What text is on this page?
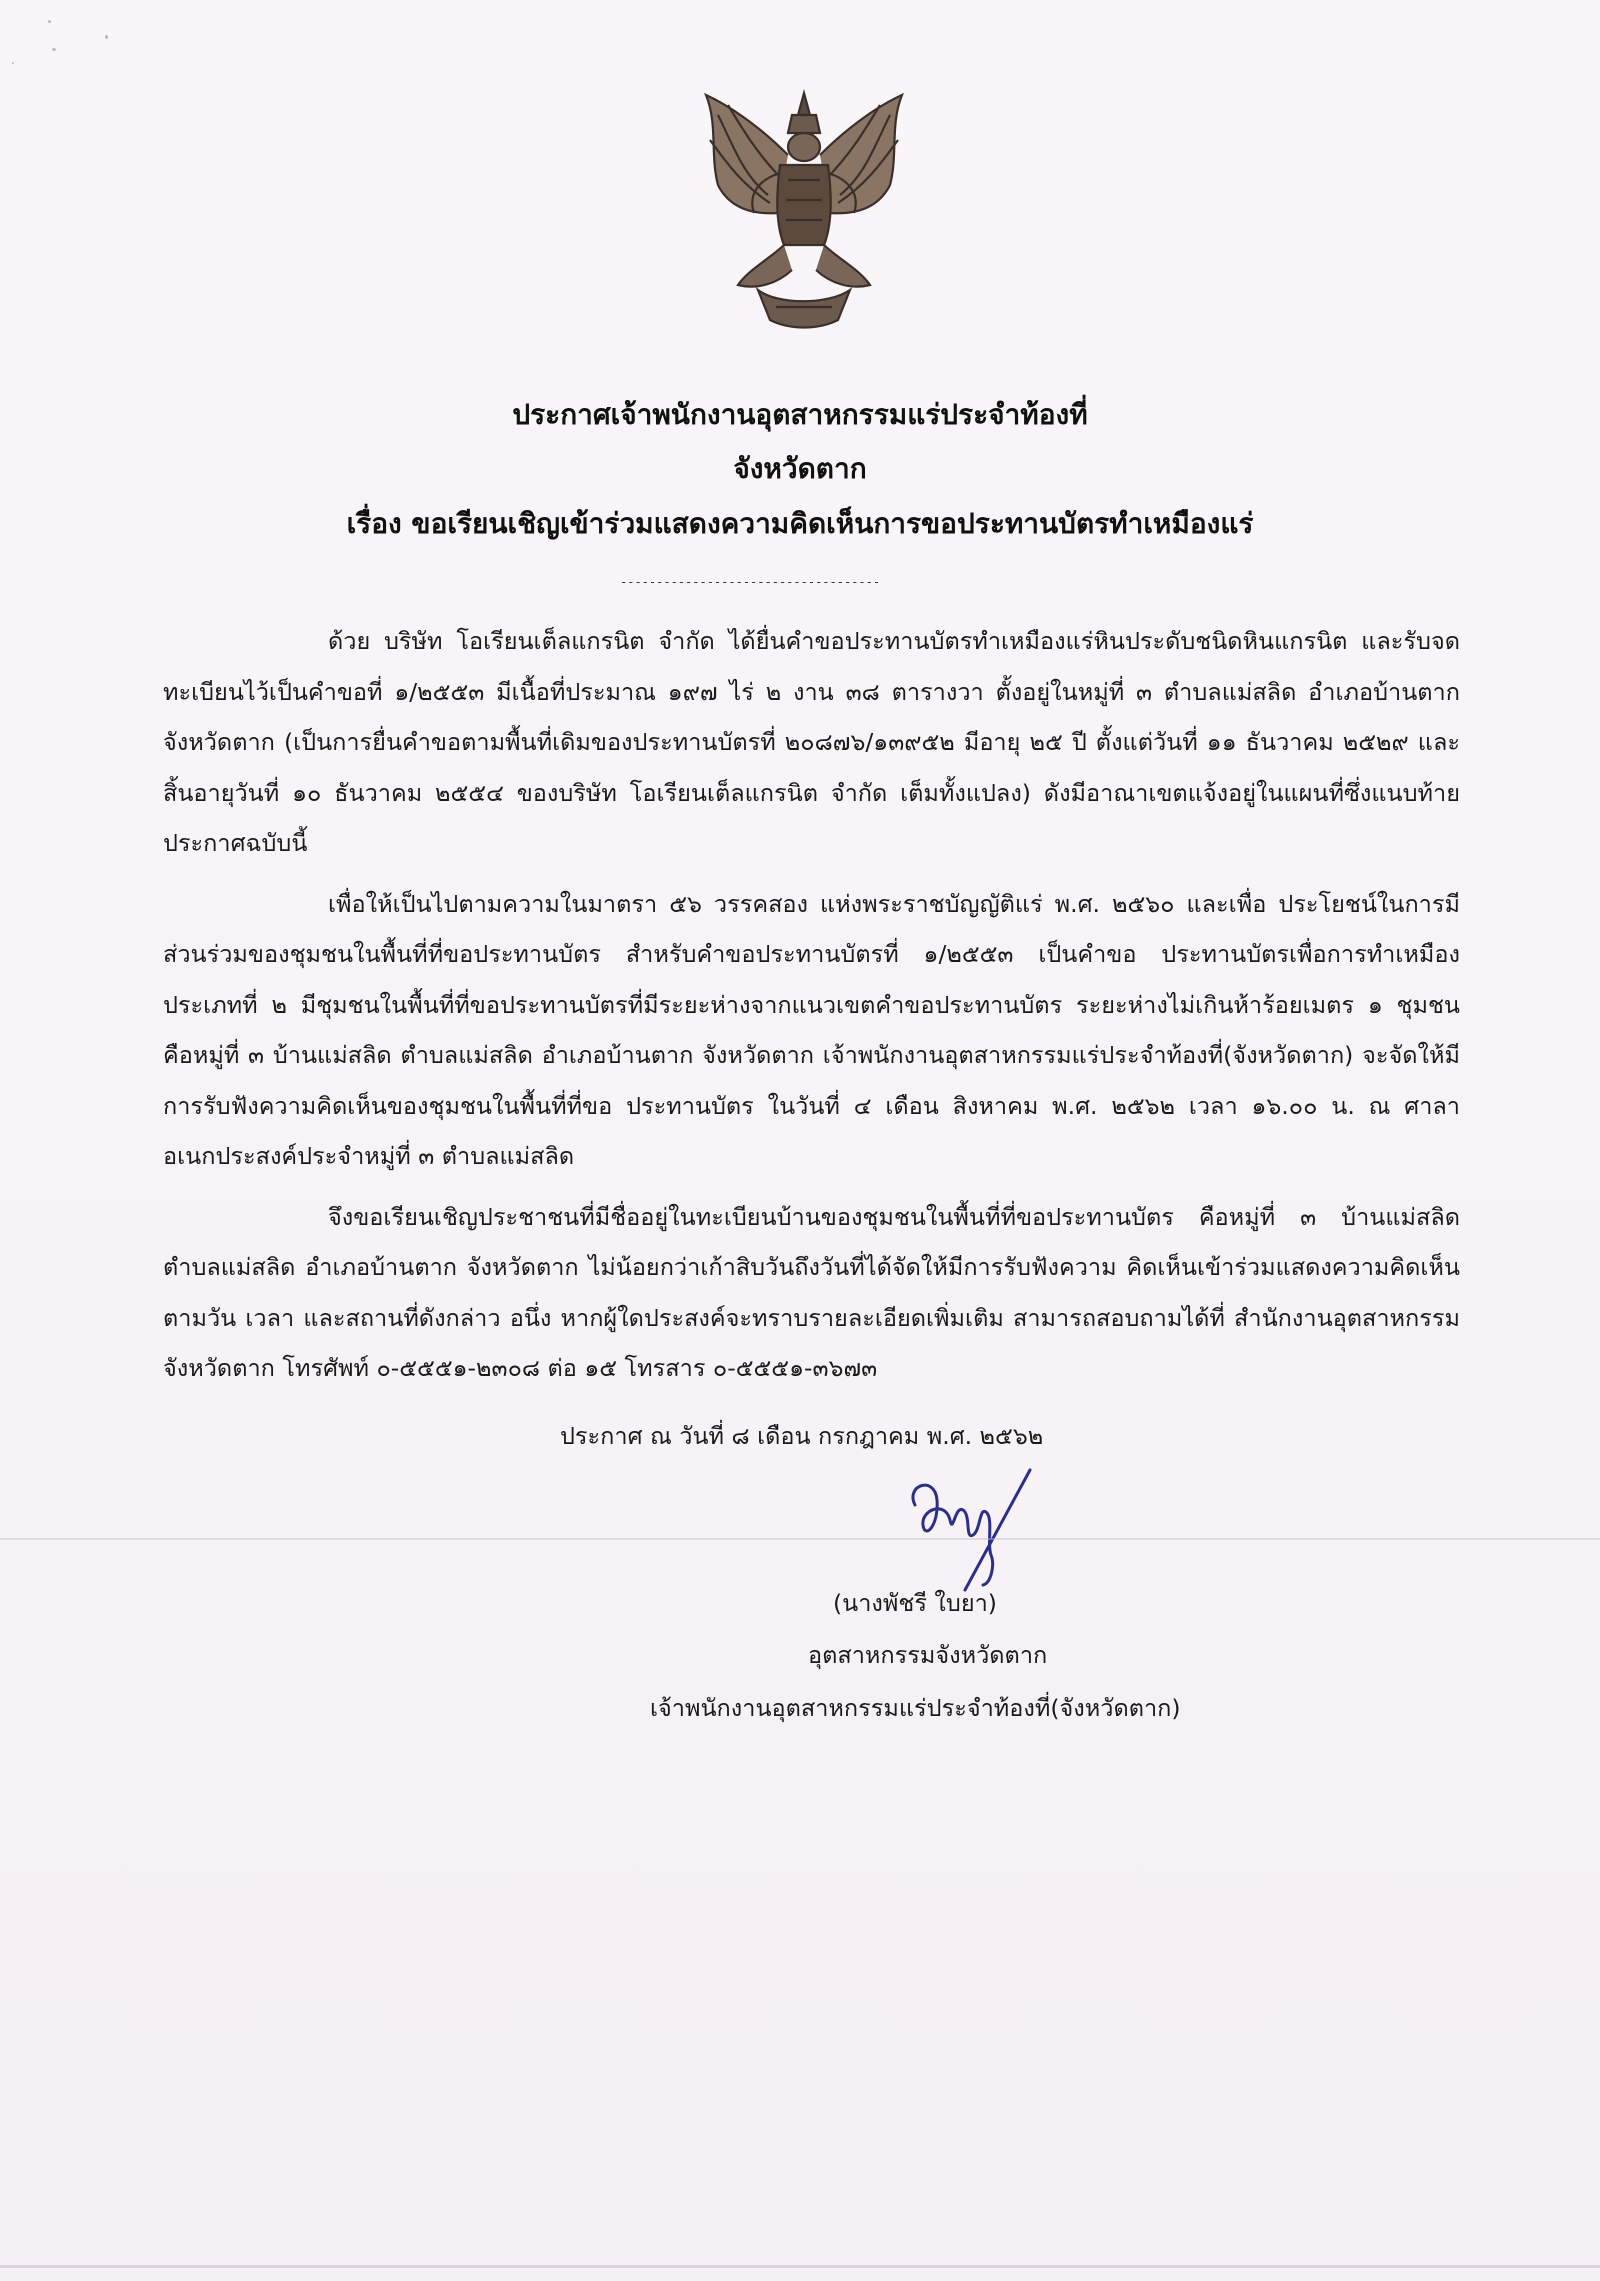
ประกาศเจ้าพนักงานอุตสาหกรรมแร่ประจำท้องที่
จังหวัดตาก
เรื่อง ขอเรียนเชิญเข้าร่วมแสดงความคิดเห็นการขอประทานบัตรทำเหมืองแร่
------------------------------------

ด้วย บริษัท โอเรียนเต็ลแกรนิต จำกัด ได้ยื่นคำขอประทานบัตรทำเหมืองแร่หินประดับชนิดหินแกรนิต และรับจดทะเบียนไว้เป็นคำขอที่ ๑/๒๕๕๓ มีเนื้อที่ประมาณ ๑๙๗ ไร่ ๒ งาน ๓๘ ตารางวา ตั้งอยู่ในหมู่ที่ ๓ ตำบลแม่สลิด อำเภอบ้านตาก จังหวัดตาก (เป็นการยื่นคำขอตามพื้นที่เดิมของประทานบัตรที่ ๒๐๘๗๖/๑๓๙๕๒ มีอายุ ๒๕ ปี ตั้งแต่วันที่ ๑๑ ธันวาคม ๒๕๒๙ และสิ้นอายุวันที่ ๑๐ ธันวาคม ๒๕๕๔ ของบริษัท โอเรียนเต็ลแกรนิต จำกัด เต็มทั้งแปลง) ดังมีอาณาเขตแจ้งอยู่ในแผนที่ซึ่งแนบท้ายประกาศฉบับนี้

เพื่อให้เป็นไปตามความในมาตรา ๕๖ วรรคสอง แห่งพระราชบัญญัติแร่ พ.ศ. ๒๕๖๐ และเพื่อ ประโยชน์ในการมีส่วนร่วมของชุมชนในพื้นที่ที่ขอประทานบัตร สำหรับคำขอประทานบัตรที่ ๑/๒๕๕๓ เป็นคำขอ ประทานบัตรเพื่อการทำเหมืองประเภทที่ ๒ มีชุมชนในพื้นที่ที่ขอประทานบัตรที่มีระยะห่างจากแนวเขตคำขอประทานบัตร ระยะห่างไม่เกินห้าร้อยเมตร ๑ ชุมชน คือหมู่ที่ ๓ บ้านแม่สลิด ตำบลแม่สลิด อำเภอบ้านตาก จังหวัดตาก เจ้าพนักงานอุตสาหกรรมแร่ประจำท้องที่(จังหวัดตาก) จะจัดให้มีการรับฟังความคิดเห็นของชุมชนในพื้นที่ที่ขอ ประทานบัตร ในวันที่ ๔ เดือน สิงหาคม พ.ศ. ๒๕๖๒ เวลา ๑๖.๐๐ น. ณ ศาลาอเนกประสงค์ประจำหมู่ที่ ๓ ตำบลแม่สลิด

จึงขอเรียนเชิญประชาชนที่มีชื่ออยู่ในทะเบียนบ้านของชุมชนในพื้นที่ที่ขอประทานบัตร คือหมู่ที่ ๓ บ้านแม่สลิด ตำบลแม่สลิด อำเภอบ้านตาก จังหวัดตาก ไม่น้อยกว่าเก้าสิบวันถึงวันที่ได้จัดให้มีการรับฟังความ คิดเห็นเข้าร่วมแสดงความคิดเห็นตามวัน เวลา และสถานที่ดังกล่าว อนึ่ง หากผู้ใดประสงค์จะทราบรายละเอียดเพิ่มเติม สามารถสอบถามได้ที่ สำนักงานอุตสาหกรรมจังหวัดตาก โทรศัพท์ ๐-๕๕๕๑-๒๓๐๘ ต่อ ๑๕ โทรสาร ๐-๕๕๕๑-๓๖๗๓

ประกาศ ณ วันที่ ๘ เดือน กรกฎาคม พ.ศ. ๒๕๖๒
(นางพัชรี ใบยา)
อุตสาหกรรมจังหวัดตาก
เจ้าพนักงานอุตสาหกรรมแร่ประจำท้องที่(จังหวัดตาก)
